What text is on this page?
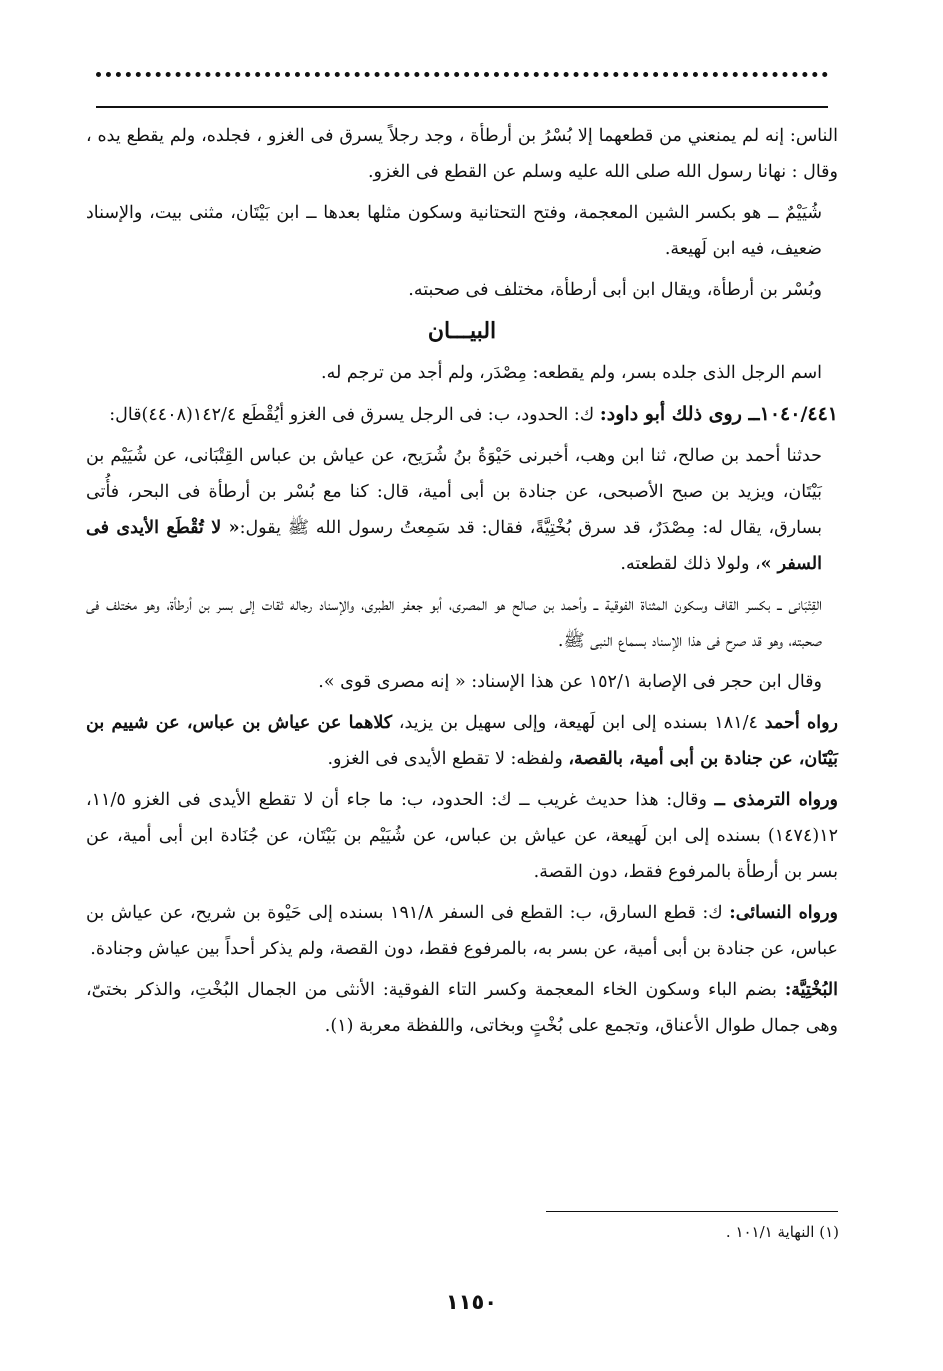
الناس: إنه لم يمنعني من قطعهما إلا بُسْرُ بن أرطأة ، وجد رجلاً يسرق فى الغزو ، فجلده، ولم يقطع يده ، وقال : نهانا رسول الله صلى الله عليه وسلم عن القطع فى الغزو.

شُيَيْمٌ ــ هو بكسر الشين المعجمة، وفتح التحتانية وسكون مثلها بعدها ــ ابن بَيْتَان، مثنى بيت، والإسناد ضعيف، فيه ابن لَهيعة.

وبُسْر بن أرطأة، ويقال ابن أبى أرطأة، مختلف فى صحبته.

البيـــان

اسم الرجل الذى جلده بسر، ولم يقطعه: مِصْدَر، ولم أجد من ترجم له.

١٠٤٠/٤٤١ــ روى ذلك أبو داود: ك: الحدود، ب: فى الرجل يسرق فى الغزو أيُقْطَع ١٤٢/٤(٤٤٠٨)قال:

حدثنا أحمد بن صالح، ثنا ابن وهب، أخبرنى حَيْوَةُ بنُ شُرَيح، عن عياش بن عباس القِتْبَانى، عن شُيَيْم بن بَيْتَان، ويزيد بن صبح الأصبحى، عن جنادة بن أبى أمية، قال: كنا مع بُسْر بن أرطأة فى البحر، فأُتى بسارق، يقال له: مِصْدَرٌ، قد سرق بُخْتِيَّةً، فقال: قد سَمِعتُ رسول الله ﷺ يقول:« لا تُقْطَع الأيدى فى السفر »، ولولا ذلك لقطعته.

القِتْبَانى ــ بكسر القاف وسكون المثناة الفوقية ــ وأحمد بن صالح هو المصرى، أبو جعفر الطبرى، والإسناد رجاله ثقات إلى بسر بن أرطأة، وهو مختلف فى صحبته، وهو قد صرح فى هذا الإسناد بسماع النبى ﷺ.

وقال ابن حجر فى الإصابة ١٥٢/١ عن هذا الإسناد: « إنه مصرى قوى ».

رواه أحمد ١٨١/٤ بسنده إلى ابن لَهيعة، وإلى سهيل بن يزيد، كلاهما عن عياش بن عباس، عن شييم بن بَيْتَان، عن جنادة بن أبى أمية، بالقصة، ولفظه: لا تقطع الأيدى فى الغزو.

ورواه الترمذى ــ وقال: هذا حديث غريب ــ ك: الحدود، ب: ما جاء أن لا تقطع الأيدى فى الغزو ١١/٥، ١٢(١٤٧٤) بسنده إلى ابن لَهيعة، عن عياش بن عباس، عن شُيَيْم بن بَيْتَان، عن جُنَادة ابن أبى أمية، عن بسر بن أرطأة بالمرفوع فقط، دون القصة.

ورواه النسائى: ك: قطع السارق، ب: القطع فى السفر ١٩١/٨ بسنده إلى حَيْوة بن شريح، عن عياش بن عباس، عن جنادة بن أبى أمية، عن بسر به، بالمرفوع فقط، دون القصة، ولم يذكر أحداً بين عياش وجنادة.

البُخْتِيَّة: بضم الباء وسكون الخاء المعجمة وكسر التاء الفوقية: الأنثى من الجمال البُخْتِ، والذكر بختىّ، وهى جمال طوال الأعناق، وتجمع على بُخْتٍ وبخاتى، واللفظة معربة (١).

(١) النهاية ١٠١/١ .
١١٥٠
